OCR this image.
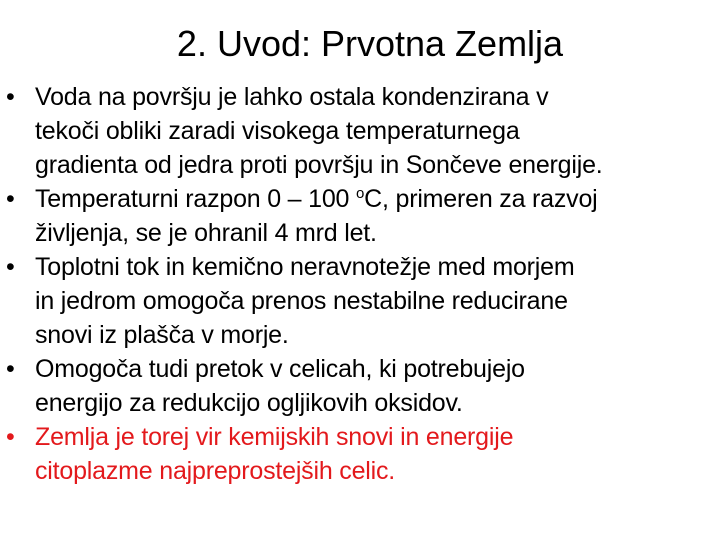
2. Uvod: Prvotna Zemlja
• Voda na površju je lahko ostala kondenzirana v
tekoči obliki zaradi visokega temperaturnega
gradienta od jedra proti površju in Sončeve energije.
• Temperaturni razpon 0 – 100 $^o$C, primeren za razvoj
življenja, se je ohranil 4 mrd let.
• Toplotni tok in kemično neravnotežje med morjem
in jedrom omogoča prenos nestabilne reducirane
snovi iz plašča v morje.
• Omogoča tudi pretok v celicah, ki potrebujejo
energijo za redukcijo ogljikovih oksidov.
• Zemlja je torej vir kemijskih snovi in energije
citoplazme najpreprostejših celic.
